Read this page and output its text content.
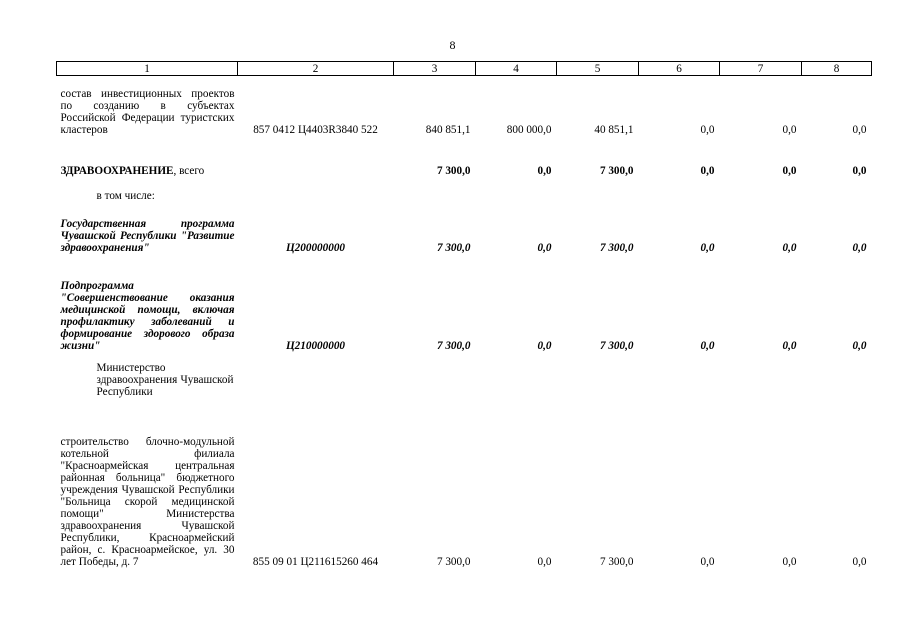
8
1	2	3	4	5	6	7	8
состав инвестиционных проектов по созданию в субъектах Российской Федерации туристских кластеров	857 0412 Ц4403R3840 522	840 851,1	800 000,0	40 851,1	0,0	0,0	0,0
ЗДРАВООХРАНЕНИЕ, всего		7 300,0	0,0	7 300,0	0,0	0,0	0,0
в том числе:							
Государственная программа Чувашской Республики "Развитие здравоохранения"	Ц200000000	7 300,0	0,0	7 300,0	0,0	0,0	0,0
Подпрограмма "Совершенствование оказания медицинской помощи, включая профилактику заболеваний и формирование здорового образа жизни"	Ц210000000	7 300,0	0,0	7 300,0	0,0	0,0	0,0
Министерство здравоохранения Чувашской Республики							
строительство блочно-модульной котельной филиала "Красноармейская центральная районная больница" бюджетного учреждения Чувашской Республики "Больница скорой медицинской помощи" Министерства здравоохранения Чувашской Республики, Красноармейский район, с. Красноармейское, ул. 30 лет Победы, д. 7	855 09 01 Ц211615260 464	7 300,0	0,0	7 300,0	0,0	0,0	0,0
